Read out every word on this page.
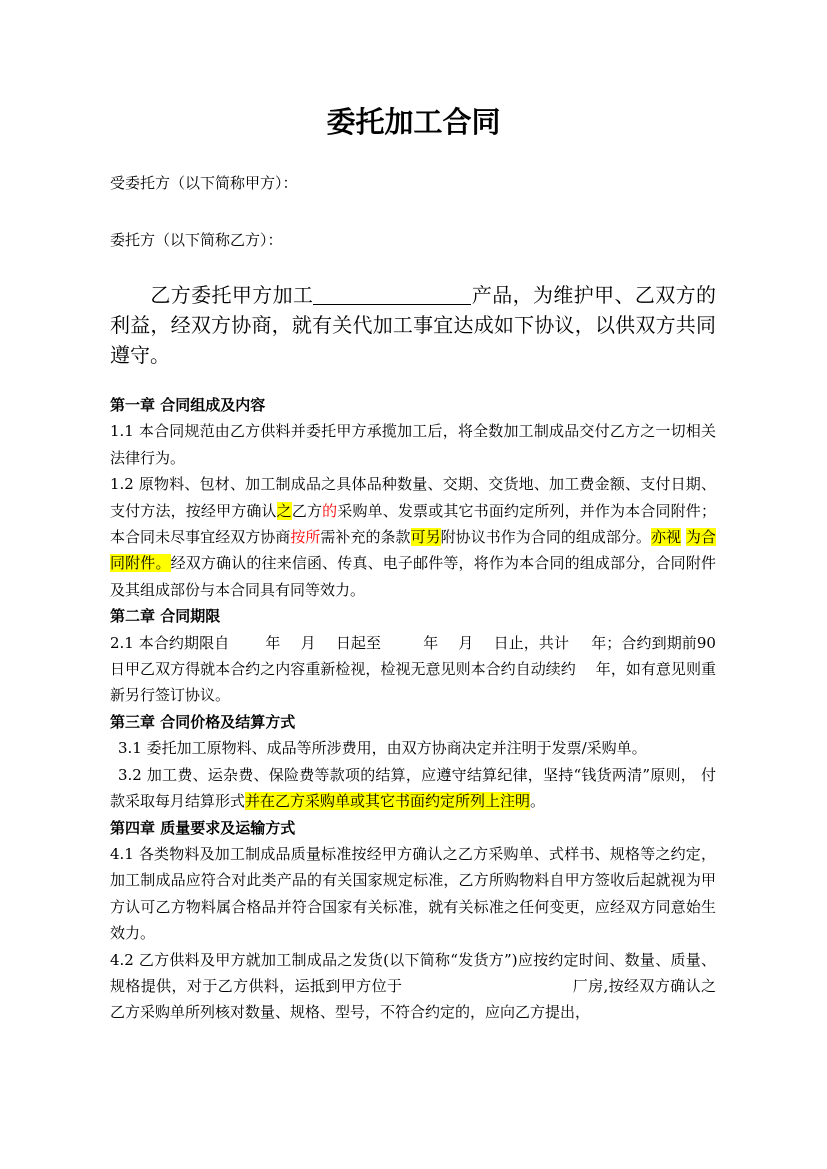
委托加工合同
受委托方（以下简称甲方）：
委托方（以下简称乙方）：
乙方委托甲方加工	产品，为维护甲、乙双方的利益，经双方协商，就有关代加工事宜达成如下协议，以供双方共同遵守。
第一章 合同组成及内容

1.1 本合同规范由乙方供料并委托甲方承揽加工后，将全数加工制成品交付乙方之一切相关法律行为。

1.2 原物料、包材、加工制成品之具体品种数量、交期、交货地、加工费金额、支付日期、支付方法，按经甲方确认之乙方的采购单、发票或其它书面约定所列，并作为本合同附件；本合同未尽事宜经双方协商按所需补充的条款可另附协议书作为合同的组成部分。亦视 为合同附件。经双方确认的往来信函、传真、电子邮件等，将作为本合同的组成部分，合同附件及其组成部份与本合同具有同等效力。

第二章 合同期限

2.1 本合约期限自 年 月 日起至	年 月 日止，共计 年；合约到期前90日甲乙双方得就本合约之内容重新检视，检视无意见则本合约自动续约 年，如有意见则重新另行签订协议。

第三章 合同价格及结算方式

3.1 委托加工原物料、成品等所涉费用，由双方协商决定并注明于发票/采购单。

3.2 加工费、运杂费、保险费等款项的结算，应遵守结算纪律，坚持“钱货两清”原则， 付款采取每月结算形式并在乙方采购单或其它书面约定所列上注明。

第四章 质量要求及运输方式

4.1 各类物料及加工制成品质量标准按经甲方确认之乙方采购单、式样书、规格等之约定，加工制成品应符合对此类产品的有关国家规定标准，乙方所购物料自甲方签收后起就视为甲方认可乙方物料属合格品并符合国家有关标准，就有关标准之任何变更，应经双方同意始生效力。

4.2 乙方供料及甲方就加工制成品之发货(以下简称“发货方”)应按约定时间、数量、质量、规格提供，对于乙方供料，运抵到甲方位于	厂房,按经双方确认之乙方采购单所列核对数量、规格、型号，不符合约定的，应向乙方提出，
